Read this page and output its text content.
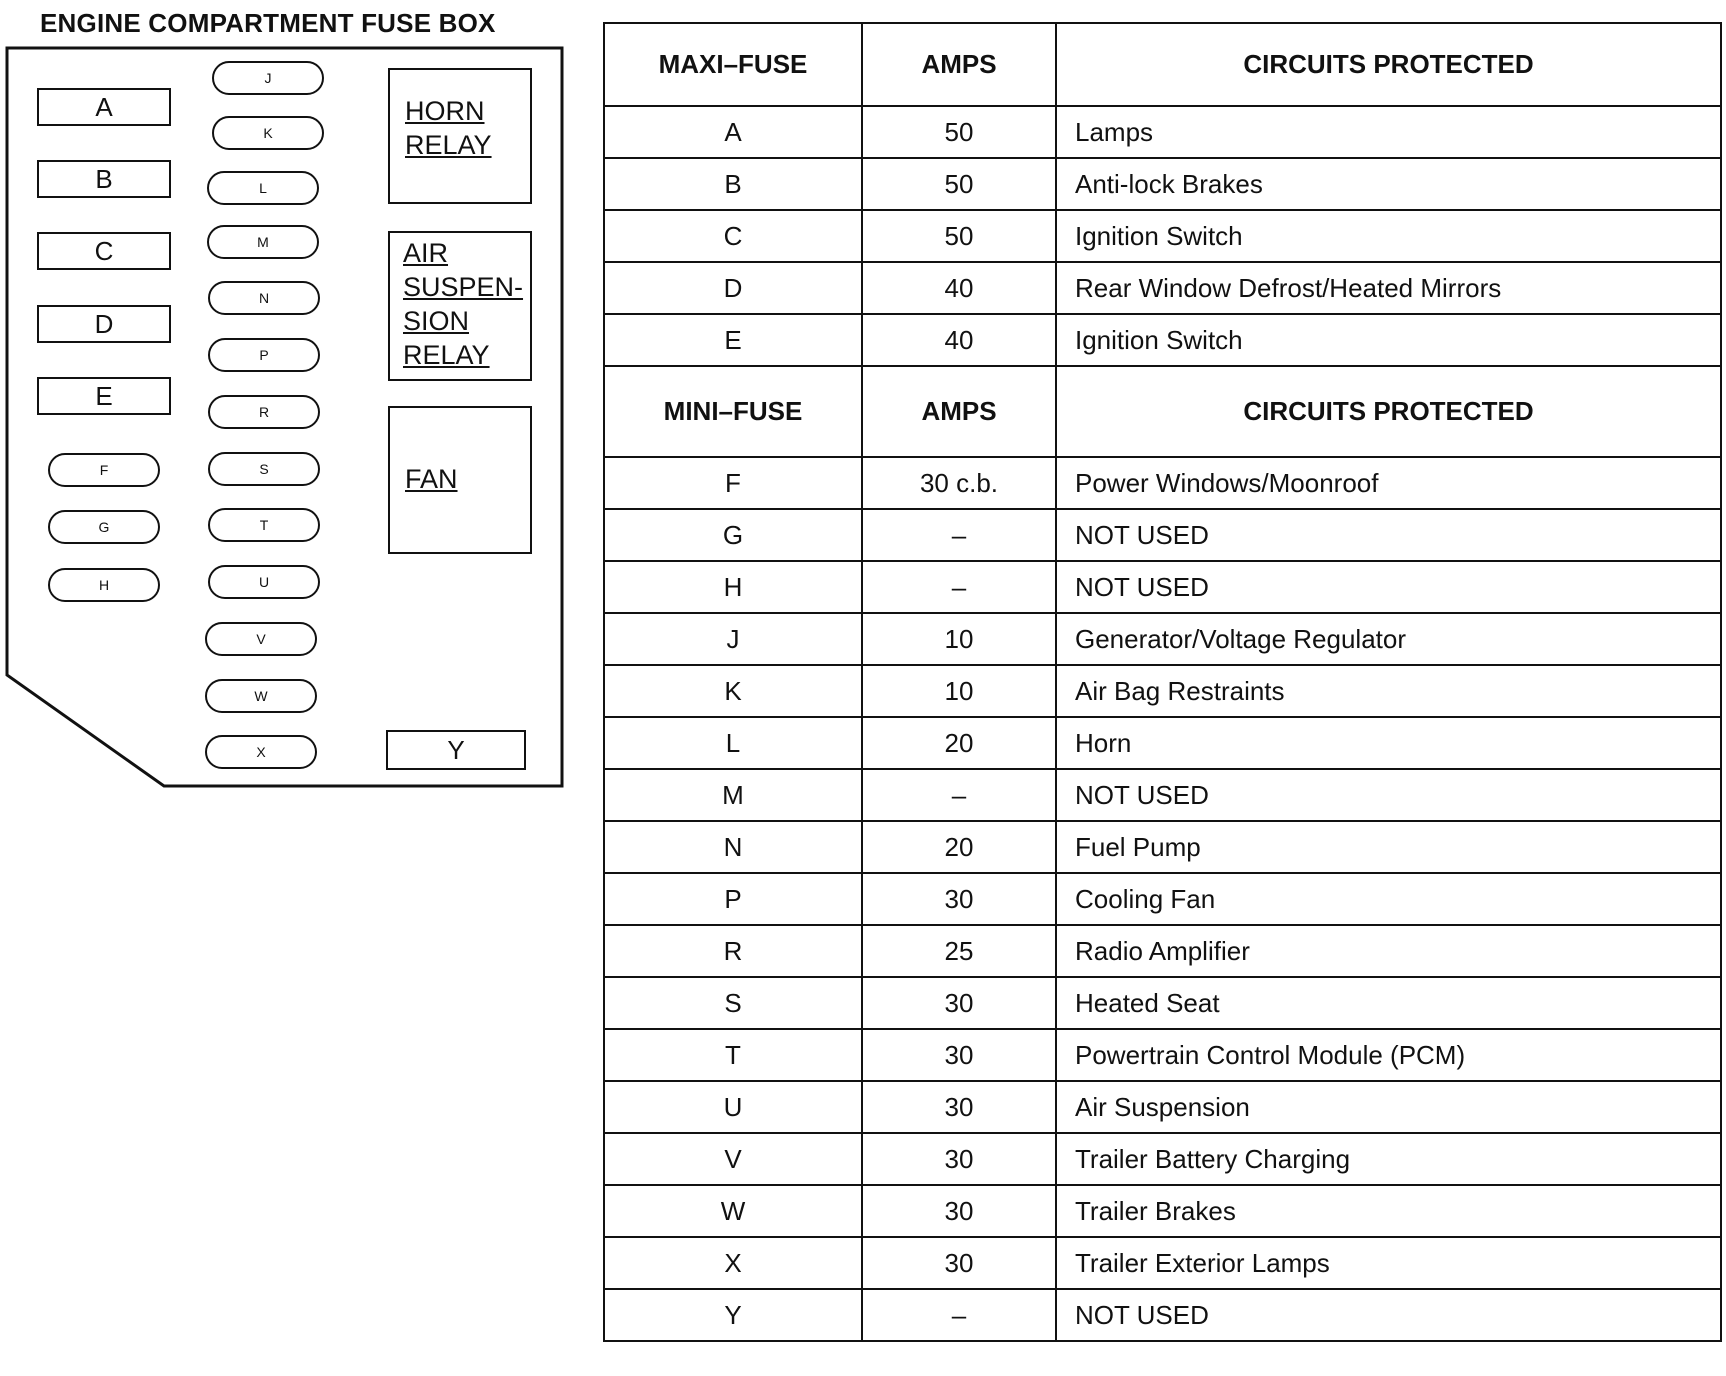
ENGINE COMPARTMENT FUSE BOX
A
B
C
D
E
F
G
H
J
K
L
M
N
P
R
S
T
U
V
W
X
HORN
RELAY
AIR
SUSPEN-
SION
RELAY
FAN
Y
MAXI–FUSE	AMPS	CIRCUITS PROTECTED
A	50	Lamps
B	50	Anti-lock Brakes
C	50	Ignition Switch
D	40	Rear Window Defrost/Heated Mirrors
E	40	Ignition Switch
MINI–FUSE	AMPS	CIRCUITS PROTECTED
F	30 c.b.	Power Windows/Moonroof
G	–	NOT USED
H	–	NOT USED
J	10	Generator/Voltage Regulator
K	10	Air Bag Restraints
L	20	Horn
M	–	NOT USED
N	20	Fuel Pump
P	30	Cooling Fan
R	25	Radio Amplifier
S	30	Heated Seat
T	30	Powertrain Control Module (PCM)
U	30	Air Suspension
V	30	Trailer Battery Charging
W	30	Trailer Brakes
X	30	Trailer Exterior Lamps
Y	–	NOT USED
